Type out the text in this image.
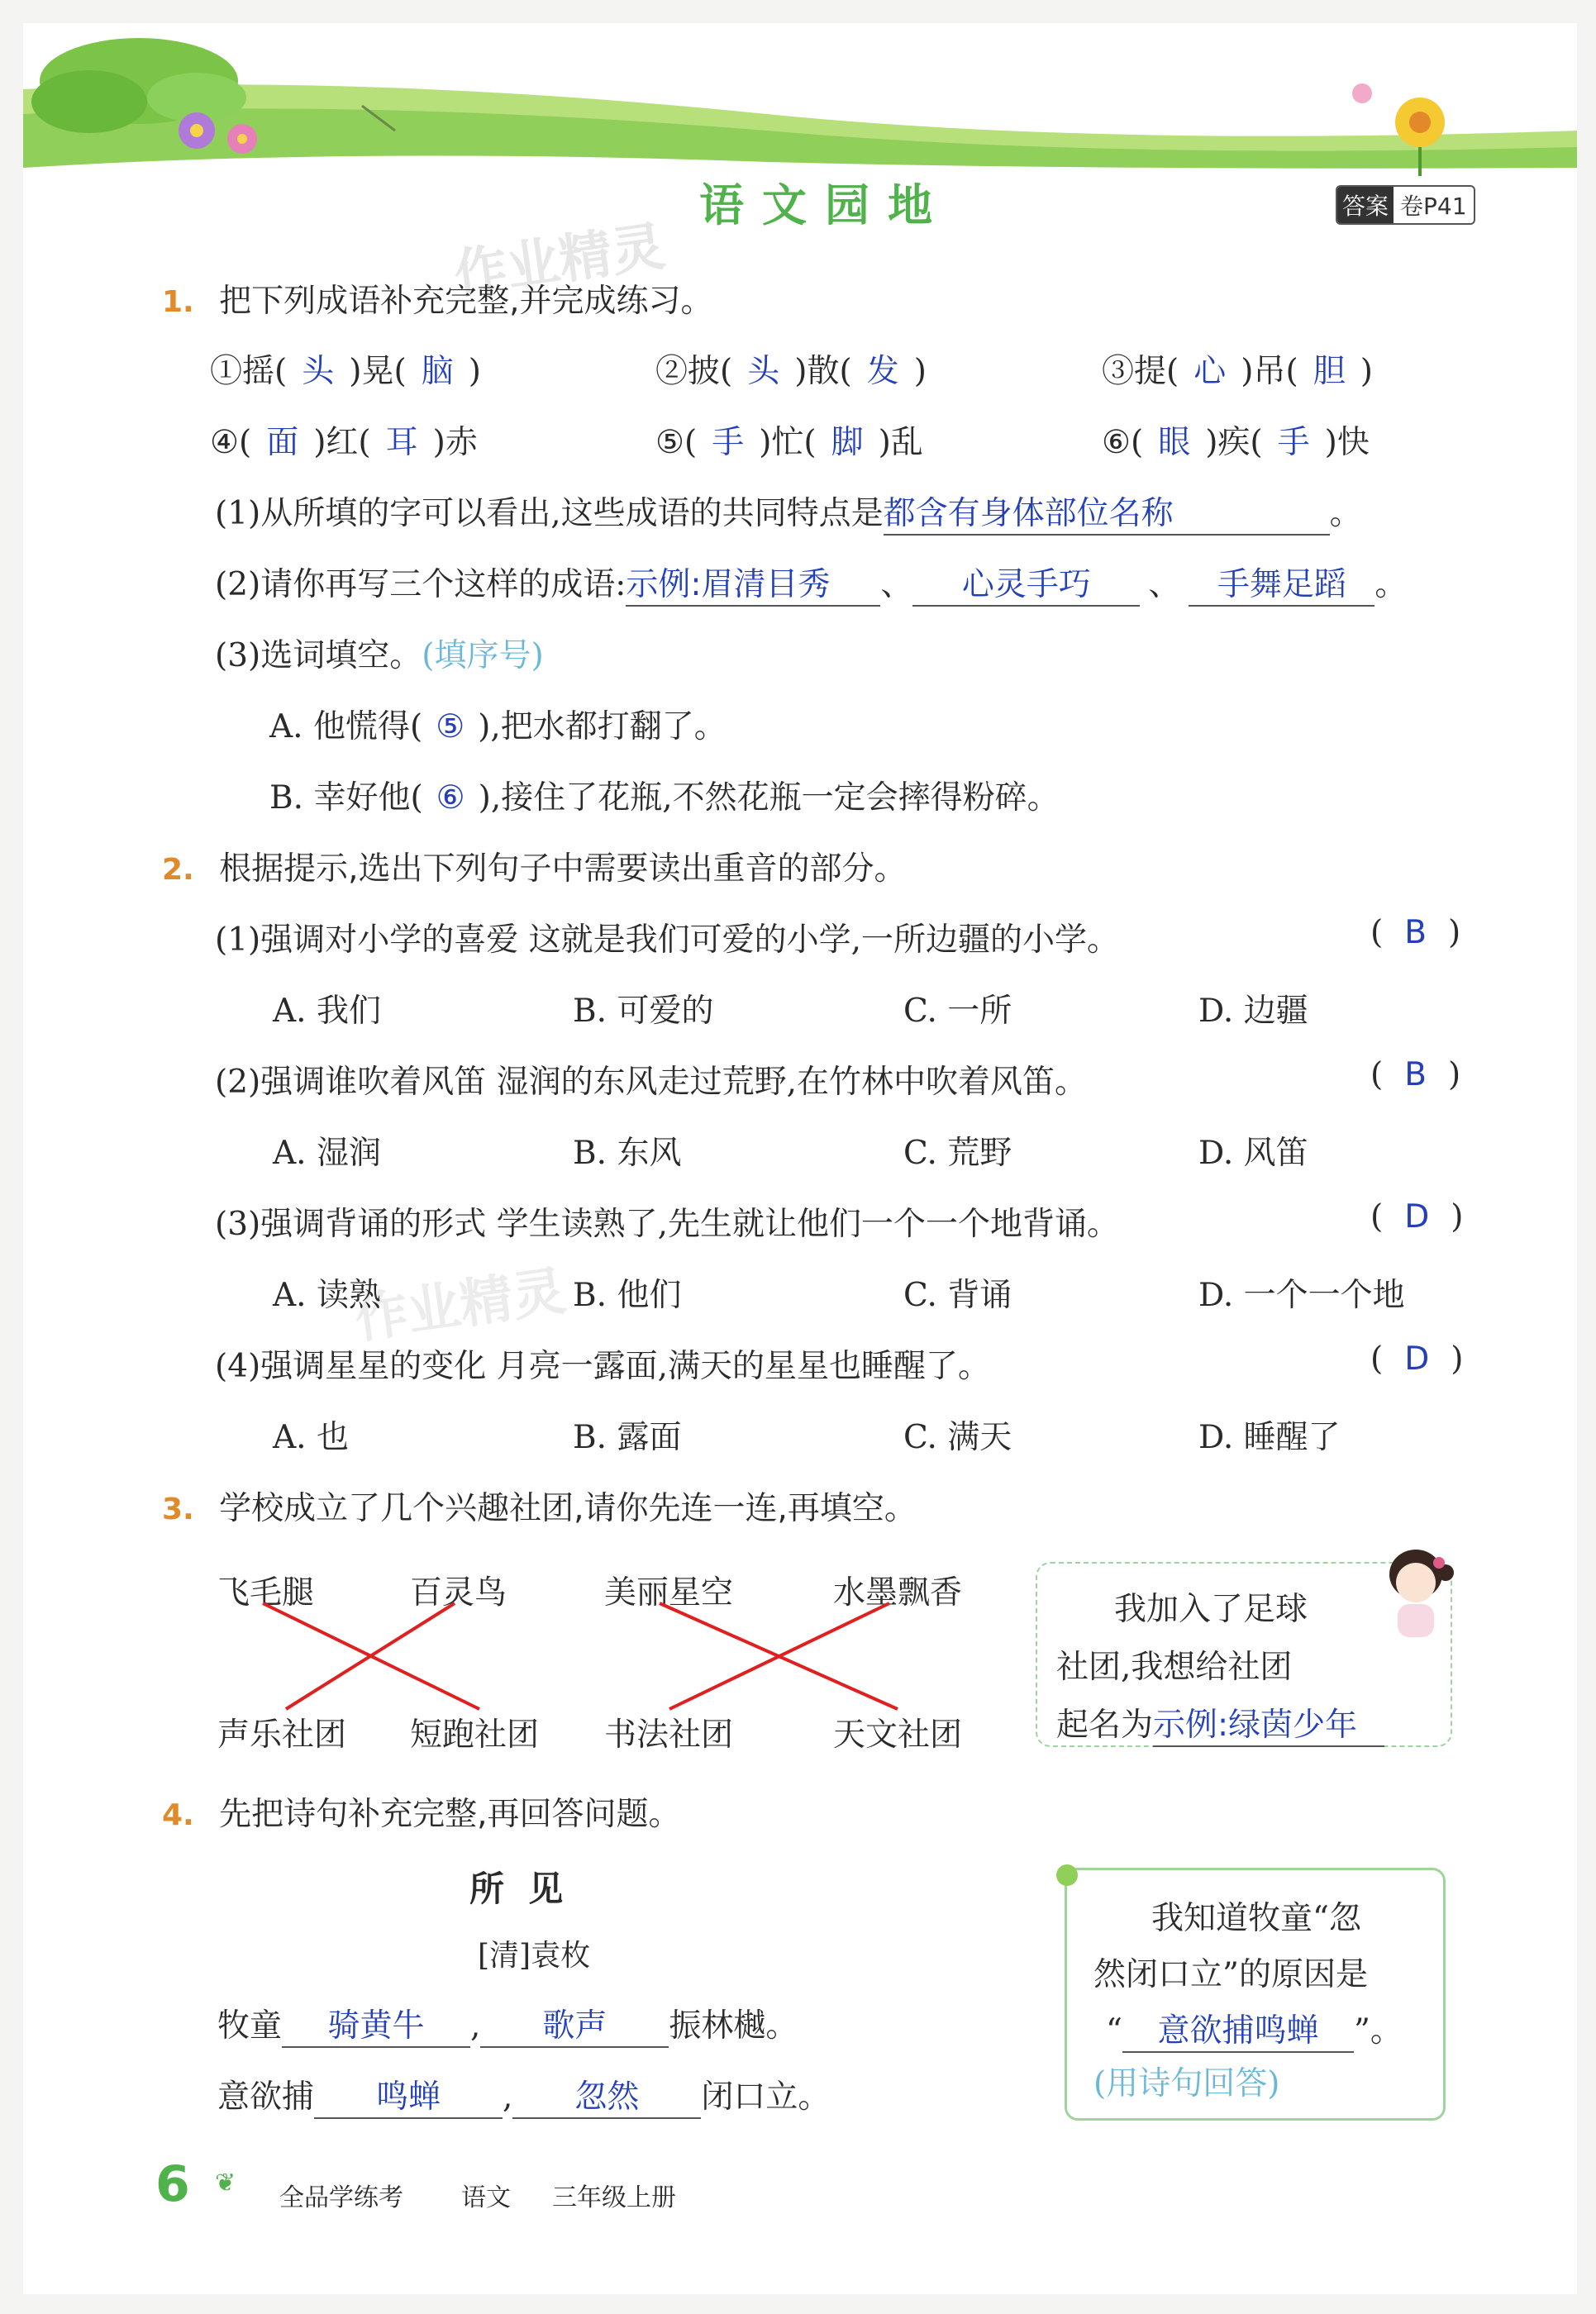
语文园地	答案 卷P41
作业精灵
作业精灵
1. 把下列成语补充完整,并完成练习。
①摇( 头 )晃( 脑 )	②披( 头 )散( 发 )	③提( 心 )吊( 胆 )
④( 面 )红( 耳 )赤	⑤( 手 )忙( 脚 )乱	⑥( 眼 )疾( 手 )快
(1)从所填的字可以看出,这些成语的共同特点是都含有身体部位名称	。
(2)请你再写三个这样的成语:示例:眉清目秀 、 心灵手巧 、 手舞足蹈 。
(3)选词填空。(填序号)
A. 他慌得( ⑤ ),把水都打翻了。
B. 幸好他( ⑥ ),接住了花瓶,不然花瓶一定会摔得粉碎。
2. 根据提示,选出下列句子中需要读出重音的部分。
(1)强调对小学的喜爱 这就是我们可爱的小学,一所边疆的小学。	( B )
A. 我们	B. 可爱的	C. 一所	D. 边疆
(2)强调谁吹着风笛 湿润的东风走过荒野,在竹林中吹着风笛。	( B )
A. 湿润	B. 东风	C. 荒野	D. 风笛
(3)强调背诵的形式 学生读熟了,先生就让他们一个一个地背诵。	( D )
A. 读熟	B. 他们	C. 背诵	D. 一个一个地
(4)强调星星的变化 月亮一露面,满天的星星也睡醒了。	( D )
A. 也	B. 露面	C. 满天	D. 睡醒了
3. 学校成立了几个兴趣社团,请你先连一连,再填空。
飞毛腿	百灵鸟	美丽星空	水墨飘香
声乐社团 短跑社团 书法社团	天文社团
我加入了足球
社团,我想给社团
起名为示例:绿茵少年
4. 先把诗句补充完整,再回答问题。
所  见
[清]袁枚
牧童 骑黄牛 , 歌声 振林樾。
意欲捕 鸣蝉 , 忽然 闭口立。
我知道牧童“忽
然闭口立”的原因是
“ 意欲捕鸣蝉 ”。
(用诗句回答)
6 ❦
全品学练考 语文 三年级上册
